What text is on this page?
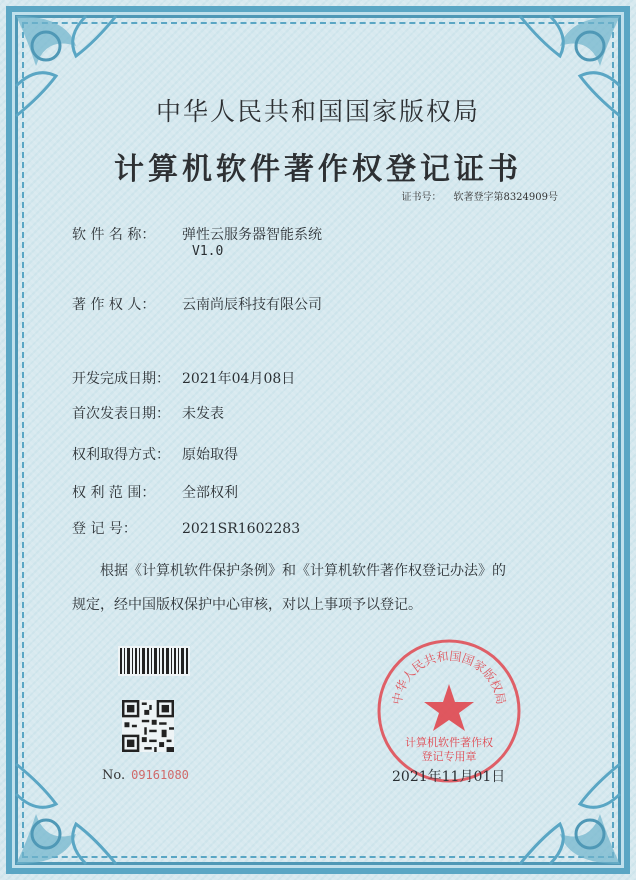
中华人民共和国国家版权局
计算机软件著作权登记证书
证书号： 软著登字第8324909号
软 件 名 称： 弹性云服务器智能系统
V1.0
著 作 权 人： 云南尚辰科技有限公司
开发完成日期： 2021年04月08日
首次发表日期： 未发表
权利取得方式： 原始取得
权 利 范 围： 全部权利
登 记 号：	2021SR1602283
根据《计算机软件保护条例》和《计算机软件著作权登记办法》的
规定，经中国版权保护中心审核，对以上事项予以登记。
No. 09161080
中华人民共和国国家版权局
计算机软件著作权
登记专用章
2021年11月01日
